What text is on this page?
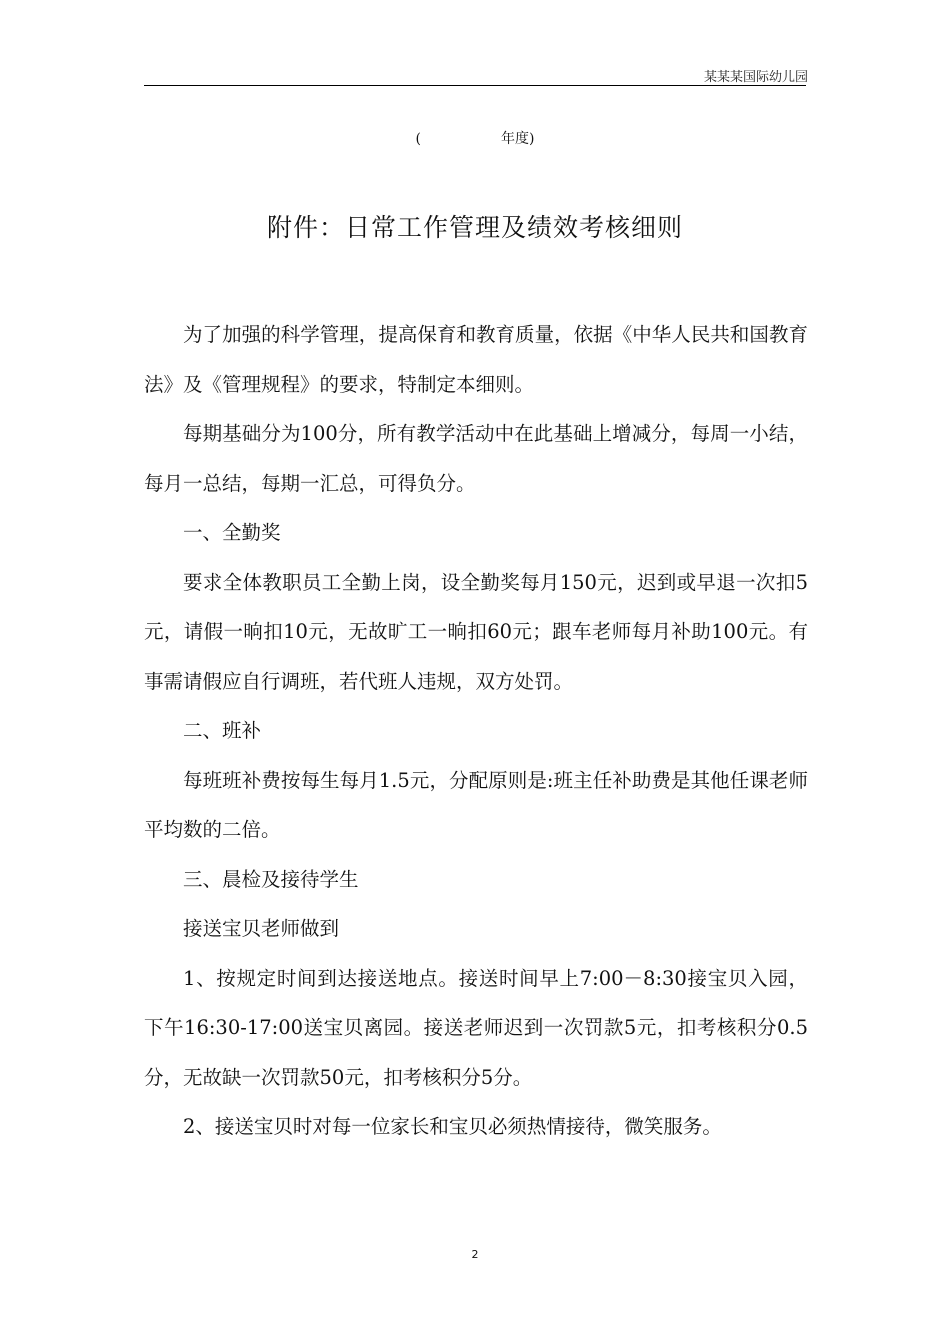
某某某国际幼儿园
(                  年度)
附件：日常工作管理及绩效考核细则

为了加强的科学管理，提高保育和教育质量，依据《中华人民共和国教育法》及《管理规程》的要求，特制定本细则。

每期基础分为100分，所有教学活动中在此基础上增减分，每周一小结，每月一总结，每期一汇总，可得负分。

一、全勤奖

要求全体教职员工全勤上岗，设全勤奖每月150元，迟到或早退一次扣5元，请假一晌扣10元，无故旷工一晌扣60元；跟车老师每月补助100元。有事需请假应自行调班，若代班人违规，双方处罚。

二、班补

每班班补费按每生每月1.5元，分配原则是:班主任补助费是其他任课老师平均数的二倍。

三、晨检及接待学生

接送宝贝老师做到

1、按规定时间到达接送地点。接送时间早上7:00－8:30接宝贝入园，下午16:30-17:00送宝贝离园。接送老师迟到一次罚款5元，扣考核积分0.5分，无故缺一次罚款50元，扣考核积分5分。

2、接送宝贝时对每一位家长和宝贝必须热情接待，微笑服务。

2
